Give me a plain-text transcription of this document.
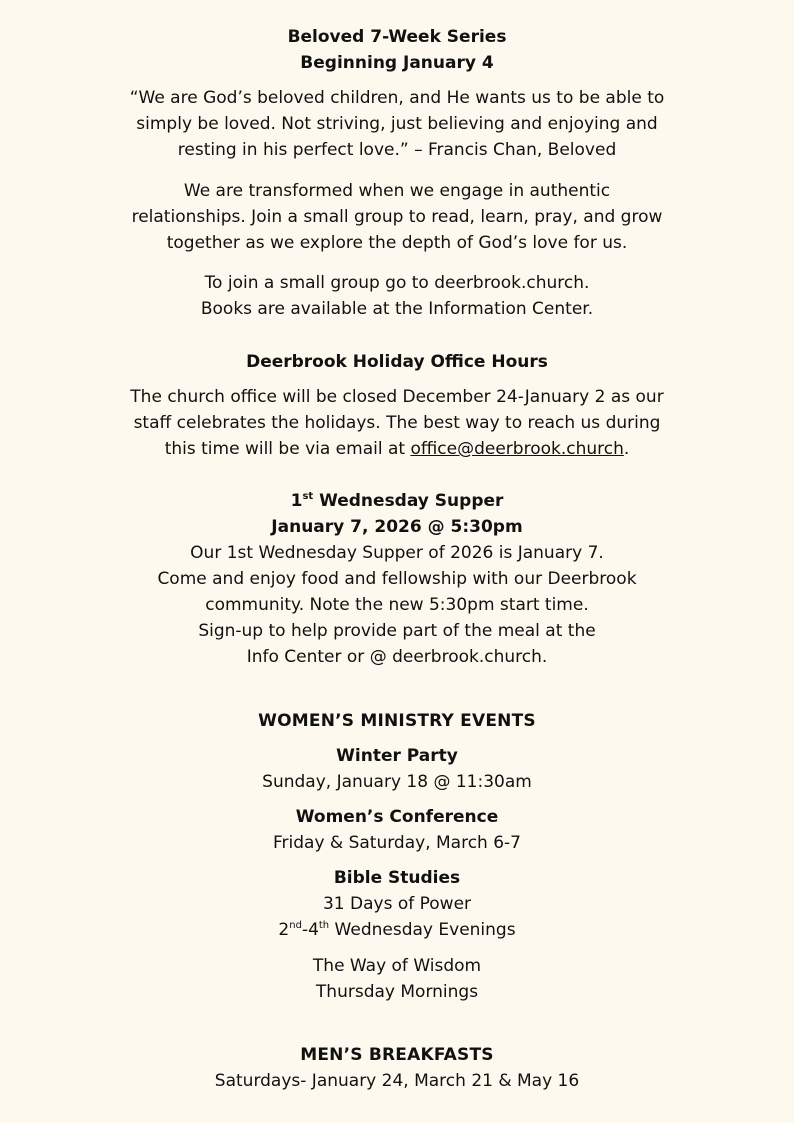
Beloved 7-Week Series

Beginning January 4

“We are God’s beloved children, and He wants us to be able to

simply be loved. Not striving, just believing and enjoying and

resting in his perfect love.” – Francis Chan, Beloved

We are transformed when we engage in authentic

relationships. Join a small group to read, learn, pray, and grow

together as we explore the depth of God’s love for us.

To join a small group go to deerbrook.church.

Books are available at the Information Center.

Deerbrook Holiday Office Hours

The church office will be closed December 24-January 2 as our

staff celebrates the holidays. The best way to reach us during

this time will be via email at office@deerbrook.church.

1st Wednesday Supper

January 7, 2026 @ 5:30pm

Our 1st Wednesday Supper of 2026 is January 7.

Come and enjoy food and fellowship with our Deerbrook

community. Note the new 5:30pm start time.

Sign-up to help provide part of the meal at the

Info Center or @ deerbrook.church.

WOMEN’S MINISTRY EVENTS

Winter Party

Sunday, January 18 @ 11:30am

Women’s Conference

Friday & Saturday, March 6-7

Bible Studies

31 Days of Power

2nd-4th Wednesday Evenings

The Way of Wisdom

Thursday Mornings

MEN’S BREAKFASTS
Saturdays- January 24, March 21 & May 16
